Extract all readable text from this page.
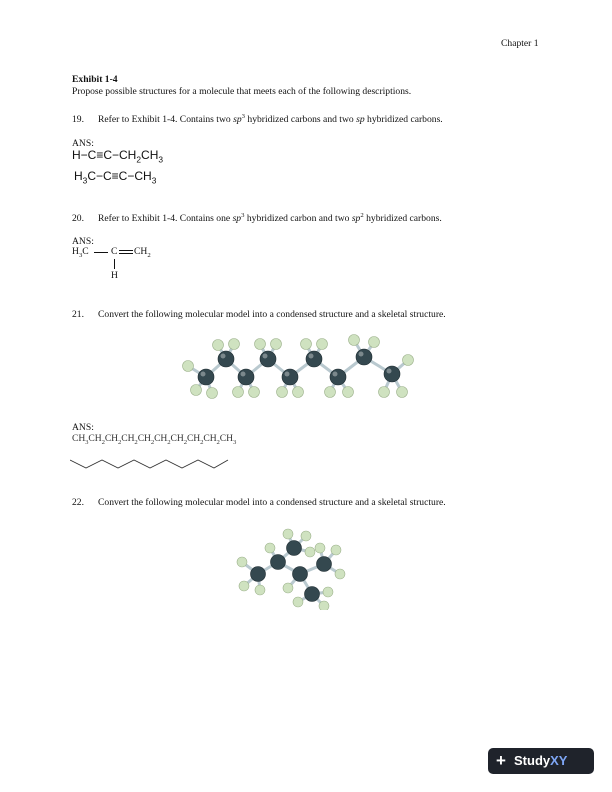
Chapter 1
Exhibit 1-4
Propose possible structures for a molecule that meets each of the following descriptions.
19. Refer to Exhibit 1-4. Contains two $sp^3$ hybridized carbons and two sp hybridized carbons.
ANS:
$H-C\equiv C-CH_2CH_3$
$H_3C-C\equiv C-CH_3$
20. Refer to Exhibit 1-4. Contains one $sp^3$ hybridized carbon and two $sp^2$ hybridized carbons.
ANS:
$H_3C$ C $CH_2$
H
21. Convert the following molecular model into a condensed structure and a skeletal structure.
ANS:
$CH_3CH_2CH_2CH_2CH_2CH_2CH_2CH_2CH_2CH_3$
22. Convert the following molecular model into a condensed structure and a skeletal structure.
+ StudyXY
